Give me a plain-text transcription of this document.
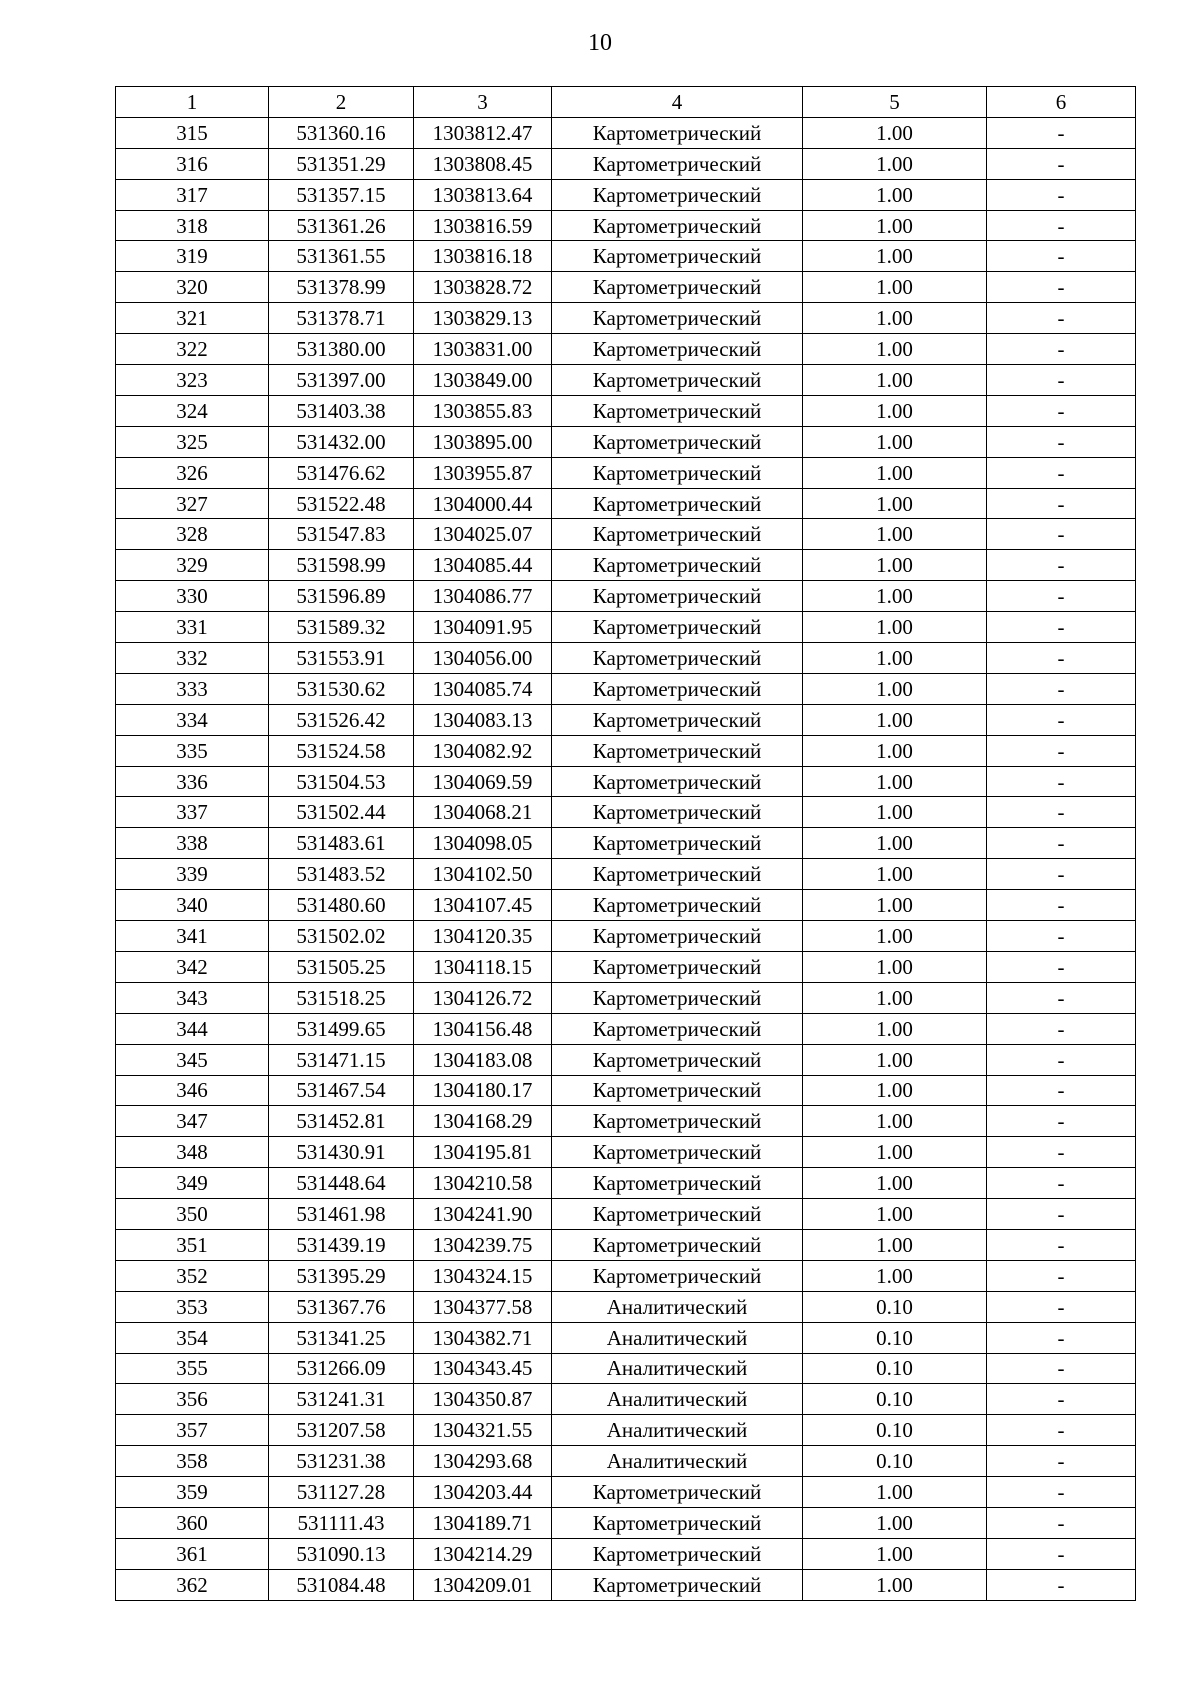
10
1	2	3	4	5	6
315	531360.16	1303812.47	Картометрический	1.00	-
316	531351.29	1303808.45	Картометрический	1.00	-
317	531357.15	1303813.64	Картометрический	1.00	-
318	531361.26	1303816.59	Картометрический	1.00	-
319	531361.55	1303816.18	Картометрический	1.00	-
320	531378.99	1303828.72	Картометрический	1.00	-
321	531378.71	1303829.13	Картометрический	1.00	-
322	531380.00	1303831.00	Картометрический	1.00	-
323	531397.00	1303849.00	Картометрический	1.00	-
324	531403.38	1303855.83	Картометрический	1.00	-
325	531432.00	1303895.00	Картометрический	1.00	-
326	531476.62	1303955.87	Картометрический	1.00	-
327	531522.48	1304000.44	Картометрический	1.00	-
328	531547.83	1304025.07	Картометрический	1.00	-
329	531598.99	1304085.44	Картометрический	1.00	-
330	531596.89	1304086.77	Картометрический	1.00	-
331	531589.32	1304091.95	Картометрический	1.00	-
332	531553.91	1304056.00	Картометрический	1.00	-
333	531530.62	1304085.74	Картометрический	1.00	-
334	531526.42	1304083.13	Картометрический	1.00	-
335	531524.58	1304082.92	Картометрический	1.00	-
336	531504.53	1304069.59	Картометрический	1.00	-
337	531502.44	1304068.21	Картометрический	1.00	-
338	531483.61	1304098.05	Картометрический	1.00	-
339	531483.52	1304102.50	Картометрический	1.00	-
340	531480.60	1304107.45	Картометрический	1.00	-
341	531502.02	1304120.35	Картометрический	1.00	-
342	531505.25	1304118.15	Картометрический	1.00	-
343	531518.25	1304126.72	Картометрический	1.00	-
344	531499.65	1304156.48	Картометрический	1.00	-
345	531471.15	1304183.08	Картометрический	1.00	-
346	531467.54	1304180.17	Картометрический	1.00	-
347	531452.81	1304168.29	Картометрический	1.00	-
348	531430.91	1304195.81	Картометрический	1.00	-
349	531448.64	1304210.58	Картометрический	1.00	-
350	531461.98	1304241.90	Картометрический	1.00	-
351	531439.19	1304239.75	Картометрический	1.00	-
352	531395.29	1304324.15	Картометрический	1.00	-
353	531367.76	1304377.58	Аналитический	0.10	-
354	531341.25	1304382.71	Аналитический	0.10	-
355	531266.09	1304343.45	Аналитический	0.10	-
356	531241.31	1304350.87	Аналитический	0.10	-
357	531207.58	1304321.55	Аналитический	0.10	-
358	531231.38	1304293.68	Аналитический	0.10	-
359	531127.28	1304203.44	Картометрический	1.00	-
360	531111.43	1304189.71	Картометрический	1.00	-
361	531090.13	1304214.29	Картометрический	1.00	-
362	531084.48	1304209.01	Картометрический	1.00	-
